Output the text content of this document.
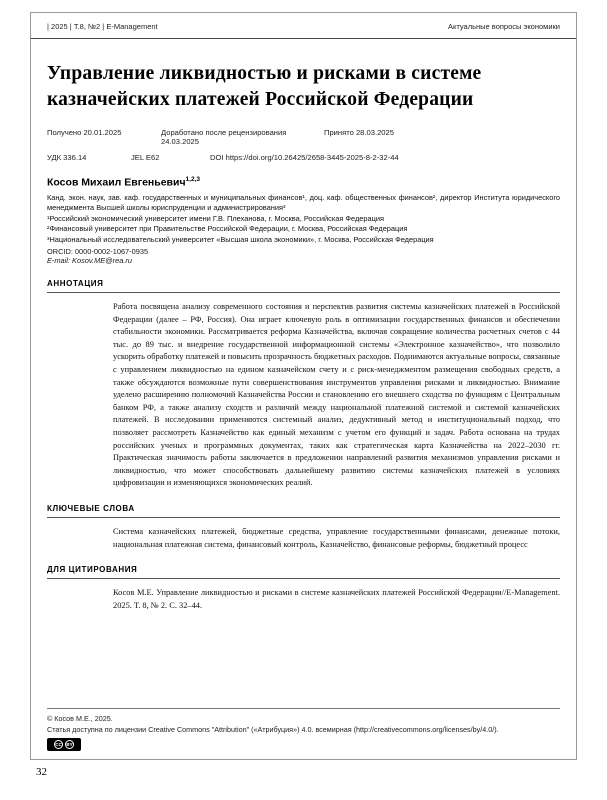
| 2025 | Т.8, №2 | E-Management	Актуальные вопросы экономики
Управление ликвидностью и рисками в системе казначейских платежей Российской Федерации
Получено 20.01.2025	Доработано после рецензирования 24.03.2025
Принято 28.03.2025
УДК 336.14	JEL E62	DOI https://doi.org/10.26425/2658-3445-2025-8-2-32-44
Косов Михаил Евгеньевич$^{1,2,3}$
Канд. экон. наук, зав. каф. государственных и муниципальных финансов¹, доц. каф. общественных финансов², директор Института юридического менеджмента Высшей школы юриспруденции и администрирования³
¹Российский экономический университет имени Г.В. Плеханова, г. Москва, Российская Федерация
²Финансовый университет при Правительстве Российской Федерации, г. Москва, Российская Федерация
³Национальный исследовательский университет «Высшая школа экономики», г. Москва, Российская Федерация
ORCID: 0000-0002-1067-0935
E-mail: Kosov.ME@rea.ru
АННОТАЦИЯ
Работа посвящена анализу современного состояния и перспектив развития системы казначейских платежей в Российской Федерации (далее – РФ, Россия). Она играет ключевую роль в оптимизации государственных финансов и обеспечении стабильности экономики. Рассматривается реформа Казначейства, включая сокращение количества расчетных счетов с 44 тыс. до 89 тыс. и внедрение государственной информационной системы «Электронное казначейство», что позволило ускорить обработку платежей и повысить прозрачность бюджетных расходов. Поднимаются актуальные вопросы, связанные с управлением ликвидностью на едином казначейском счету и с риск-менеджментом размещения свободных средств, а также обсуждаются возможные пути совершенствования инструментов управления рисками и ликвидностью. Внимание уделено расширению полномочий Казначейства России и становлению его внешнего сходства по функциям с Центральным банком РФ, а также анализу сходств и различий между национальной платежной системой и системой казначейских платежей. В исследовании применяются системный анализ, дедуктивный метод и институциональный подход, что позволяет рассмотреть Казначейство как единый механизм с учетом его функций и задач. Работа основана на трудах российских ученых и программных документах, таких как стратегическая карта Казначейства на 2022–2030 гг. Практическая значимость работы заключается в предложении направлений развития механизмов управления рисками и ликвидностью, что может способствовать дальнейшему развитию системы казначейских платежей в условиях цифровизации и изменяющихся экономических реалий.
КЛЮЧЕВЫЕ СЛОВА
Система казначейских платежей, бюджетные средства, управление государственными финансами, денежные потоки, национальная платежная система, финансовый контроль, Казначейство, финансовые реформы, бюджетный процесс
ДЛЯ ЦИТИРОВАНИЯ
Косов М.Е. Управление ликвидностью и рисками в системе казначейских платежей Российской Федерации//E-Management. 2025. Т. 8, № 2. С. 32–44.
© Косов М.Е., 2025.
Статья доступна по лицензии Creative Commons "Attribution" («Атрибуция») 4.0. всемирная (http://creativecommons.org/licenses/by/4.0/).
CC	BY
32
